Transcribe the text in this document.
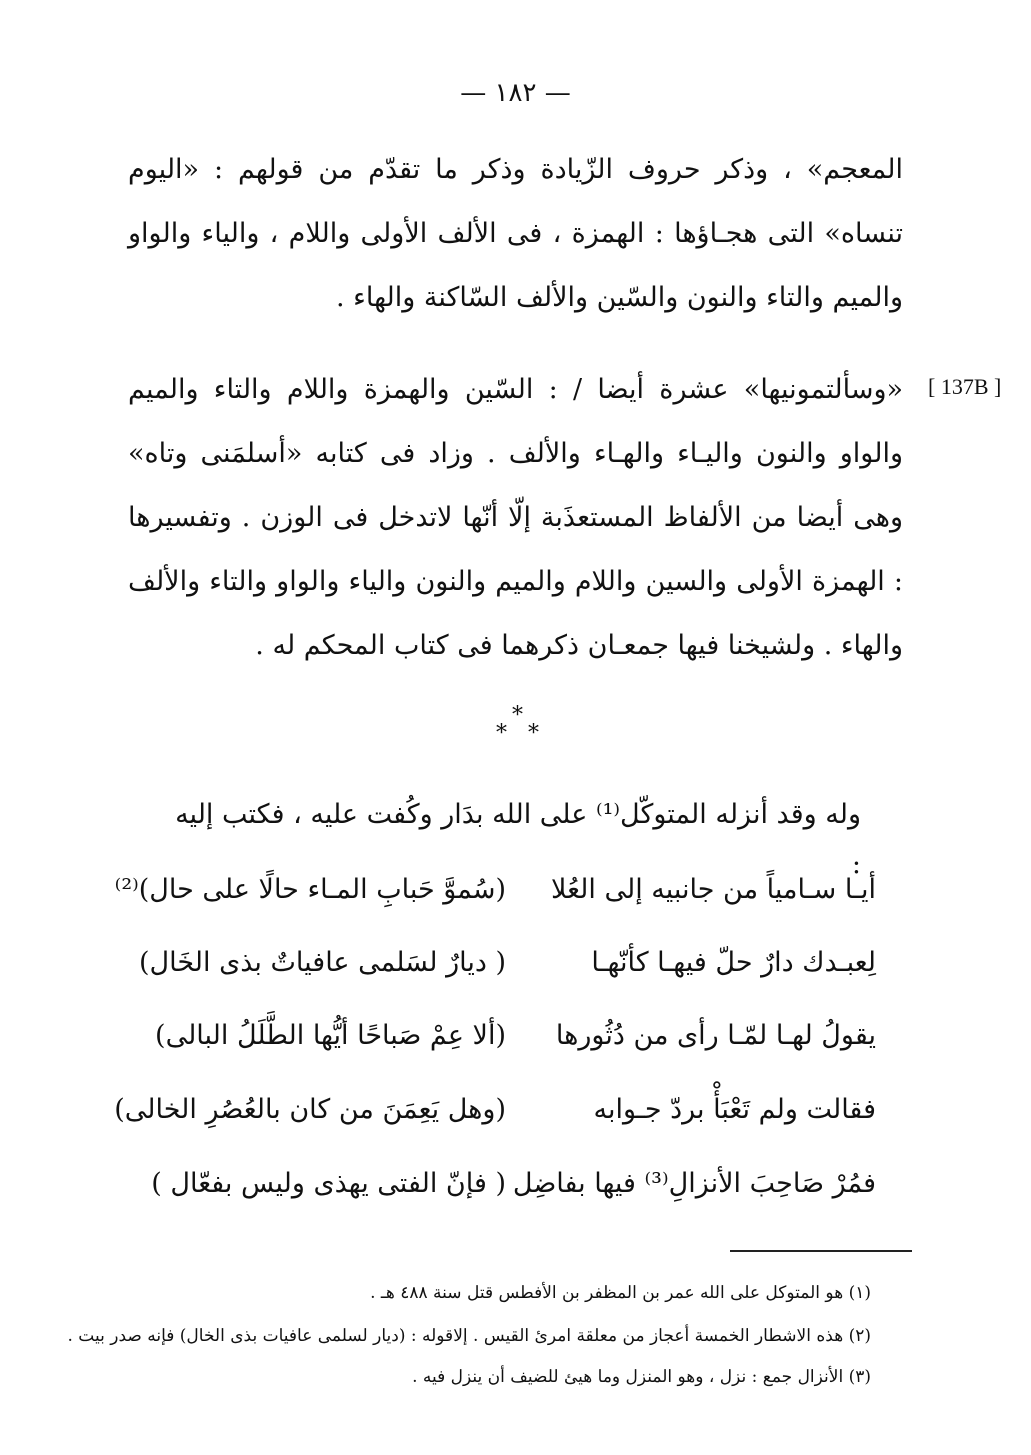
— ١٨٢ —
المعجم» ، وذكر حروف الزّيادة وذكر ما تقدّم من قولهم : «اليوم تنساه» التى هجـاؤها : الهمزة ، فى الألف الأولى واللام ، والياء والواو والميم والتاء والنون والسّين والألف السّاكنة والهاء .
[ 137B ]
«وسألتمونيها» عشرة أيضا / : السّين والهمزة واللام والتاء والميم والواو والنون واليـاء والهـاء والألف . وزاد فى كتابه «أسلمَنى وتاه» وهى أيضا من الألفاظ المستعذَبة إلّا أنّها لاتدخل فى الوزن . وتفسيرها : الهمزة الأولى والسين واللام والميم والنون والياء والواو والتاء والألف والهاء . ولشيخنا فيها جمعـان ذكرهما فى كتاب المحكم له .
*
* *
وله وقد أنزله المتوكّل⁽¹⁾ على الله بدَار وكُفت عليه ، فكتب إليه :
أيـا سـامياً من جانبيه إلى العُلا
(سُموَّ حَبابِ المـاء حالًا على حال)⁽²⁾
لِعبـدك دارٌ حلّ فيهـا كأنّهـا
( ديارٌ لسَلمى عافياتٌ بذى الخَال)
يقولُ لهـا لمّـا رأى من دُثُورها
(ألا عِمْ صَباحًا أيُّها الطَّلَلُ البالى)
فقالت ولم تَعْبَأْ بردّ جـوابه
(وهل يَعِمَنَ من كان بالعُصُرِ الخالى)
فمُرْ صَاحِبَ الأنزالِ⁽³⁾ فيها بفاضِل
( فإنّ الفتى يهذى وليس بفعّال )
(١) هو المتوكل على الله عمر بن المظفر بن الأفطس قتل سنة ٤٨٨ هـ .
(٢) هذه الاشطار الخمسة أعجاز من معلقة امرئ القيس . إلاقوله : (ديار لسلمى عافيات بذى الخال) فإنه صدر بيت .
(٣) الأنزال جمع : نزل ، وهو المنزل وما هيئ للضيف أن ينزل فيه .
